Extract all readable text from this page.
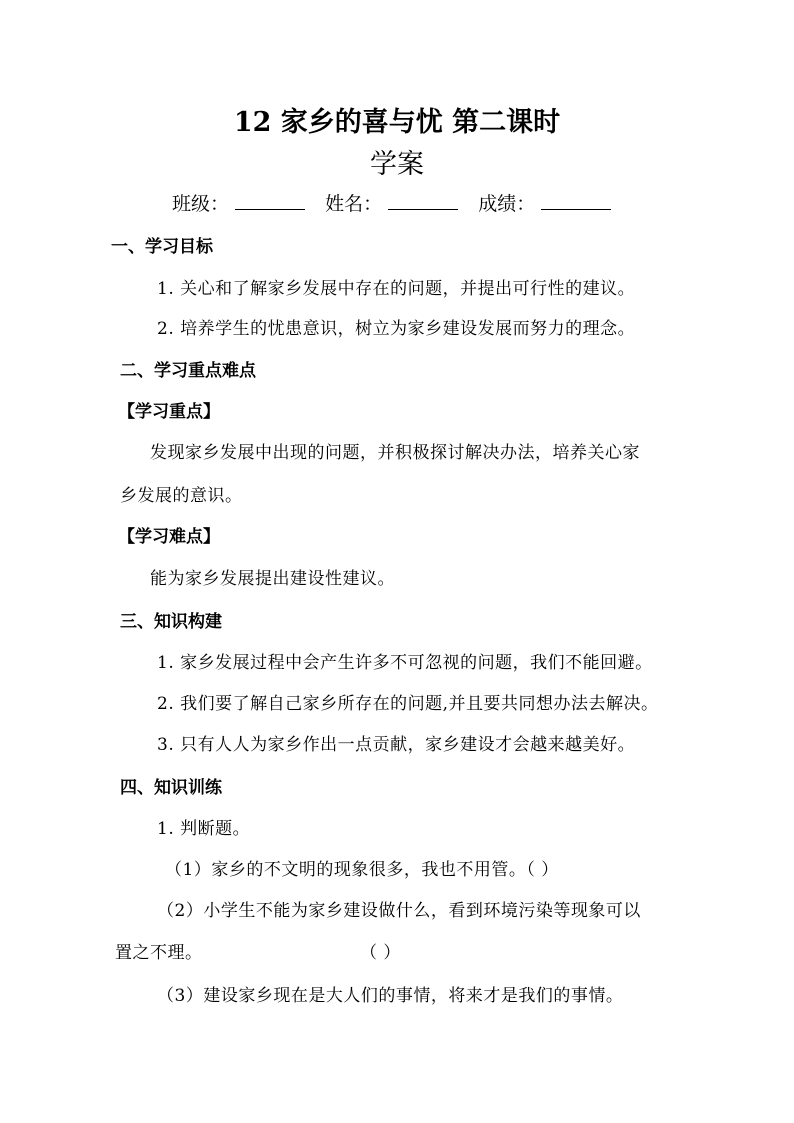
12 家乡的喜与忧 第二课时
学案
班级：	姓名：	成绩：
一、学习目标
1. 关心和了解家乡发展中存在的问题，并提出可行性的建议。
2. 培养学生的忧患意识，树立为家乡建设发展而努力的理念。
二、学习重点难点
【学习重点】
发现家乡发展中出现的问题，并积极探讨解决办法，培养关心家
乡发展的意识。
【学习难点】
能为家乡发展提出建设性建议。
三、知识构建
1. 家乡发展过程中会产生许多不可忽视的问题，我们不能回避。
2. 我们要了解自己家乡所存在的问题,并且要共同想办法去解决。
3. 只有人人为家乡作出一点贡献，家乡建设才会越来越美好。
四、知识训练
1. 判断题。
（1）家乡的不文明的现象很多，我也不用管。（ ）
（2）小学生不能为家乡建设做什么，看到环境污染等现象可以
置之不理。	（ ）
（3）建设家乡现在是大人们的事情，将来才是我们的事情。
